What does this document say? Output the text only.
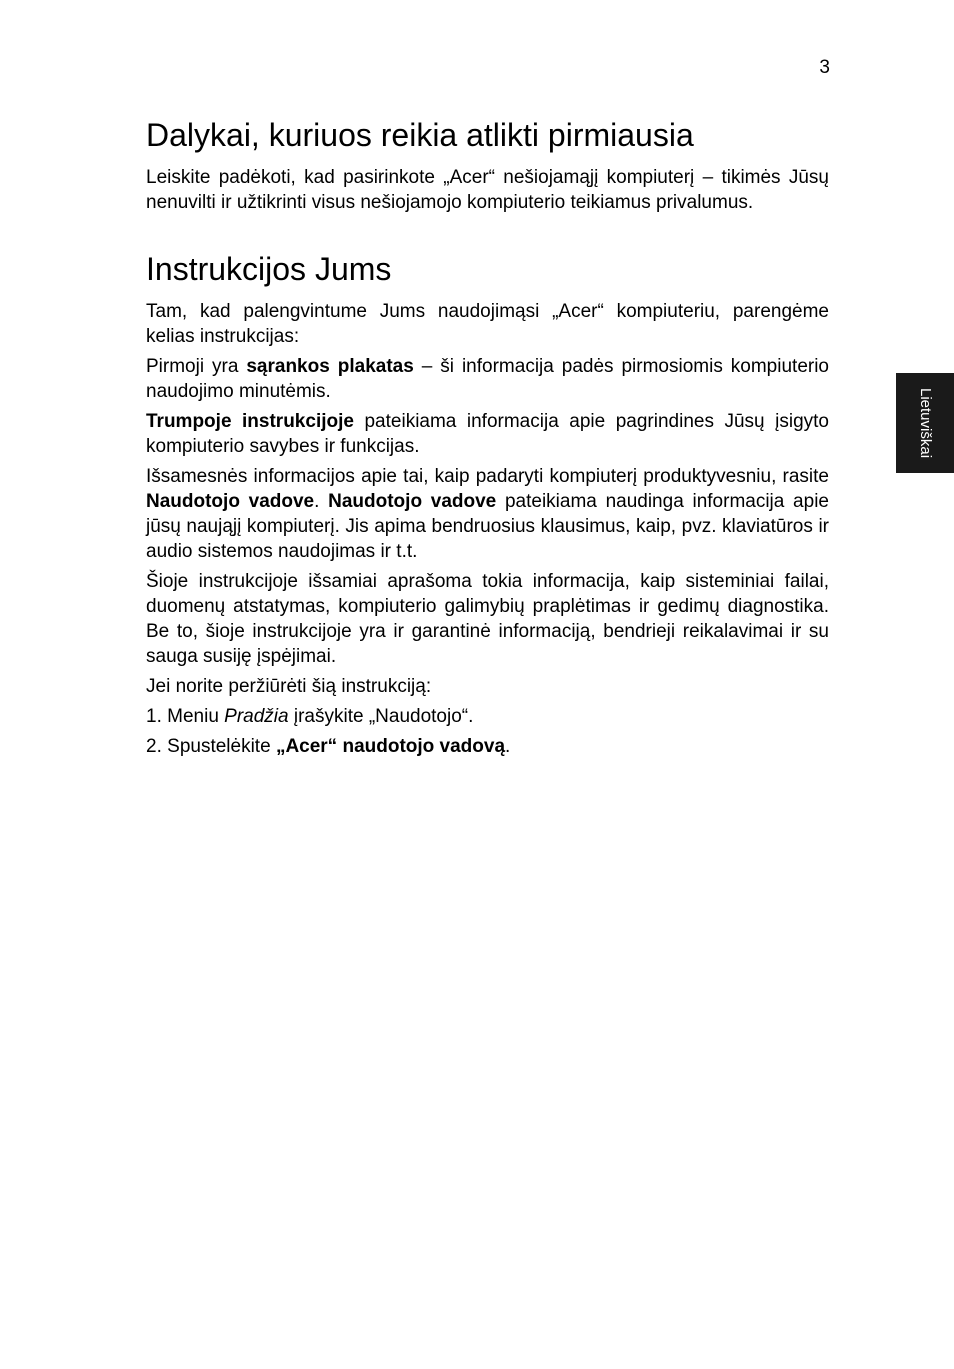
3
Lietuviškai
Dalykai, kuriuos reikia atlikti pirmiausia

Leiskite padėkoti, kad pasirinkote „Acer“ nešiojamąjį kompiuterį – tikimės Jūsų nenuvilti ir užtikrinti visus nešiojamojo kompiuterio teikiamus privalumus.

Instrukcijos Jums

Tam, kad palengvintume Jums naudojimąsi „Acer“ kompiuteriu, parengėme kelias instrukcijas:

Pirmoji yra sąrankos plakatas – ši informacija padės pirmosiomis kompiuterio naudojimo minutėmis.

Trumpoje instrukcijoje pateikiama informacija apie pagrindines Jūsų įsigyto kompiuterio savybes ir funkcijas.

Išsamesnės informacijos apie tai, kaip padaryti kompiuterį produktyvesniu, rasite Naudotojo vadove. Naudotojo vadove pateikiama naudinga informacija apie jūsų naująjį kompiuterį. Jis apima bendruosius klausimus, kaip, pvz. klaviatūros ir audio sistemos naudojimas ir t.t.

Šioje instrukcijoje išsamiai aprašoma tokia informacija, kaip sisteminiai failai, duomenų atstatymas, kompiuterio galimybių praplėtimas ir gedimų diagnostika. Be to, šioje instrukcijoje yra ir garantinė informaciją, bendrieji reikalavimai ir su sauga susiję įspėjimai.

Jei norite peržiūrėti šią instrukciją:

1. Meniu Pradžia įrašykite „Naudotojo“.
2. Spustelėkite „Acer“ naudotojo vadovą.
